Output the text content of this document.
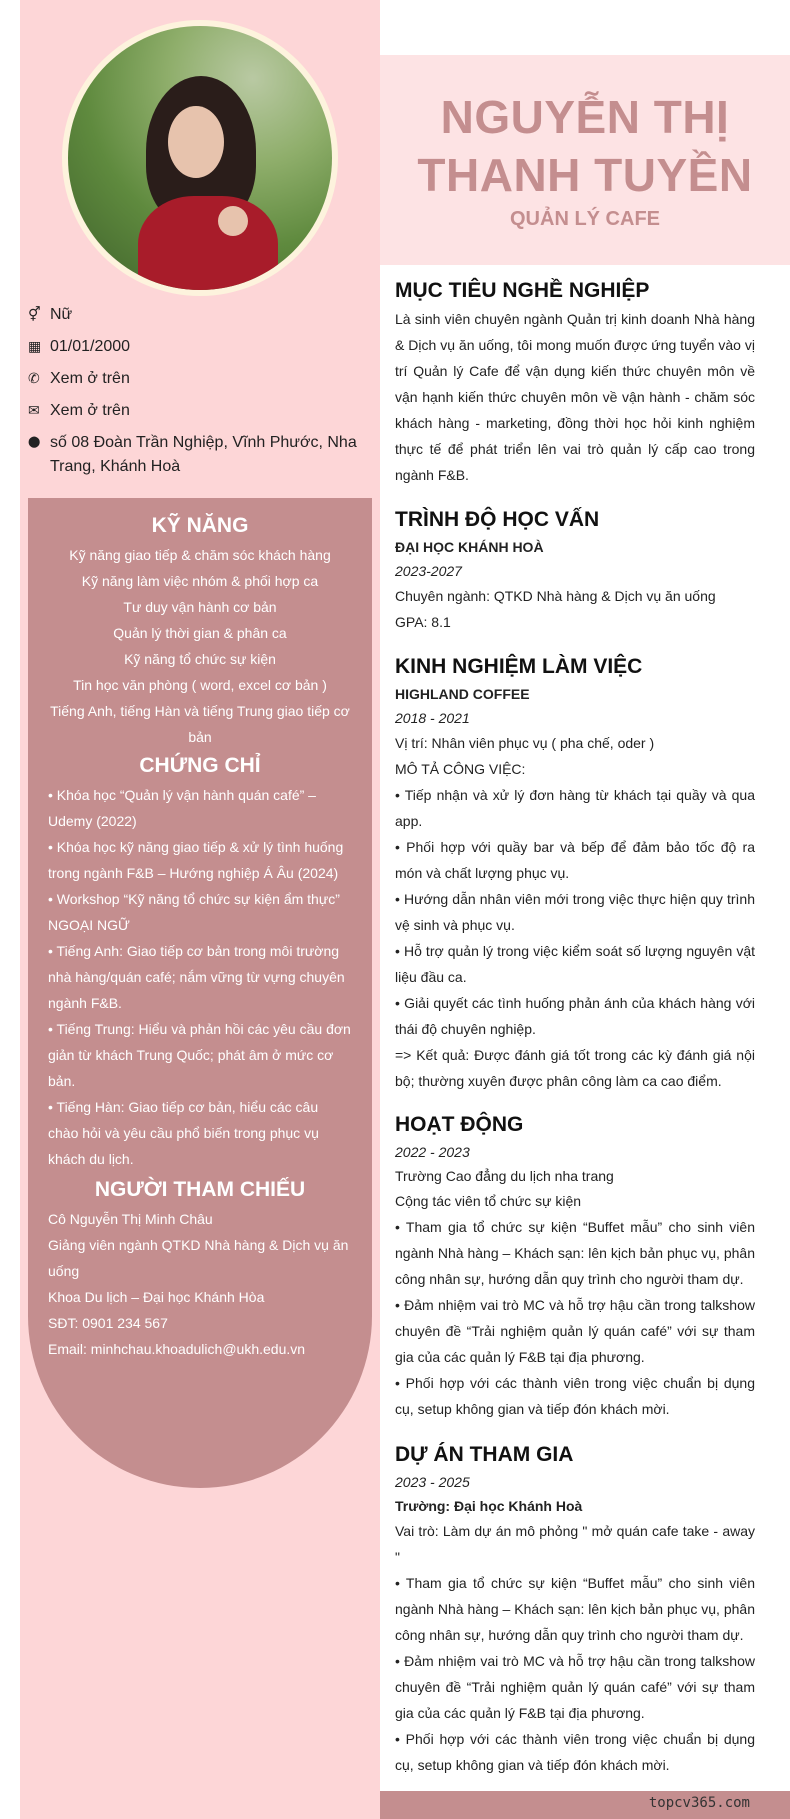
NGUYỄN THỊ
THANH TUYỀN
QUẢN LÝ CAFE
⚥ Nữ
▦ 01/01/2000
✆ Xem ở trên
✉ Xem ở trên
⬤ số 08 Đoàn Trần Nghiệp, Vĩnh Phước, Nha Trang, Khánh Hoà
KỸ NĂNG
Kỹ năng giao tiếp & chăm sóc khách hàng
Kỹ năng làm việc nhóm & phối hợp ca
Tư duy vận hành cơ bản
Quản lý thời gian & phân ca
Kỹ năng tổ chức sự kiện
Tin học văn phòng ( word, excel cơ bản )
Tiếng Anh, tiếng Hàn và tiếng Trung giao tiếp cơ bản
CHỨNG CHỈ
• Khóa học “Quản lý vận hành quán café” – Udemy (2022)
• Khóa học kỹ năng giao tiếp & xử lý tình huống trong ngành F&B – Hướng nghiệp Á Âu (2024)
• Workshop “Kỹ năng tổ chức sự kiện ẩm thực”
NGOẠI NGỮ
• Tiếng Anh: Giao tiếp cơ bản trong môi trường nhà hàng/quán café; nắm vững từ vựng chuyên ngành F&B.
• Tiếng Trung: Hiểu và phản hồi các yêu cầu đơn giản từ khách Trung Quốc; phát âm ở mức cơ bản.
• Tiếng Hàn: Giao tiếp cơ bản, hiểu các câu chào hỏi và yêu cầu phổ biến trong phục vụ khách du lịch.
NGƯỜI THAM CHIẾU
Cô Nguyễn Thị Minh Châu
Giảng viên ngành QTKD Nhà hàng & Dịch vụ ăn uống
Khoa Du lịch – Đại học Khánh Hòa
SĐT: 0901 234 567
Email: minhchau.khoadulich@ukh.edu.vn
MỤC TIÊU NGHỀ NGHIỆP
Là sinh viên chuyên ngành Quản trị kinh doanh Nhà hàng & Dịch vụ ăn uống, tôi mong muốn được ứng tuyển vào vị trí Quản lý Cafe để vận dụng kiến thức chuyên môn về vận hạnh kiến thức chuyên môn về vận hành - chăm sóc khách hàng - marketing, đồng thời học hỏi kinh nghiệm thực tế để phát triển lên vai trò quản lý cấp cao trong ngành F&B.
TRÌNH ĐỘ HỌC VẤN
ĐẠI HỌC KHÁNH HOÀ
2023-2027
Chuyên ngành: QTKD Nhà hàng & Dịch vụ ăn uống
GPA: 8.1
KINH NGHIỆM LÀM VIỆC
HIGHLAND COFFEE
2018 - 2021
Vị trí: Nhân viên phục vụ ( pha chế, oder )
MÔ TẢ CÔNG VIỆC:
• Tiếp nhận và xử lý đơn hàng từ khách tại quầy và qua app.
• Phối hợp với quầy bar và bếp để đảm bảo tốc độ ra món và chất lượng phục vụ.
• Hướng dẫn nhân viên mới trong việc thực hiện quy trình vệ sinh và phục vụ.
• Hỗ trợ quản lý trong việc kiểm soát số lượng nguyên vật liệu đầu ca.
• Giải quyết các tình huống phản ánh của khách hàng với thái độ chuyên nghiệp.
=> Kết quả: Được đánh giá tốt trong các kỳ đánh giá nội bộ; thường xuyên được phân công làm ca cao điểm.
HOẠT ĐỘNG
2022 - 2023
Trường Cao đẳng du lịch nha trang
Cộng tác viên tổ chức sự kiện
• Tham gia tổ chức sự kiện “Buffet mẫu” cho sinh viên ngành Nhà hàng – Khách sạn: lên kịch bản phục vụ, phân công nhân sự, hướng dẫn quy trình cho người tham dự.
• Đảm nhiệm vai trò MC và hỗ trợ hậu cần trong talkshow chuyên đề “Trải nghiệm quản lý quán café” với sự tham gia của các quản lý F&B tại địa phương.
• Phối hợp với các thành viên trong việc chuẩn bị dụng cụ, setup không gian và tiếp đón khách mời.
DỰ ÁN THAM GIA
2023 - 2025
Trường: Đại học Khánh Hoà
Vai trò: Làm dự án mô phỏng " mở quán cafe take - away "
• Tham gia tổ chức sự kiện “Buffet mẫu” cho sinh viên ngành Nhà hàng – Khách sạn: lên kịch bản phục vụ, phân công nhân sự, hướng dẫn quy trình cho người tham dự.
• Đảm nhiệm vai trò MC và hỗ trợ hậu cần trong talkshow chuyên đề “Trải nghiệm quản lý quán café” với sự tham gia của các quản lý F&B tại địa phương.
• Phối hợp với các thành viên trong việc chuẩn bị dụng cụ, setup không gian và tiếp đón khách mời.
topcv365.com
